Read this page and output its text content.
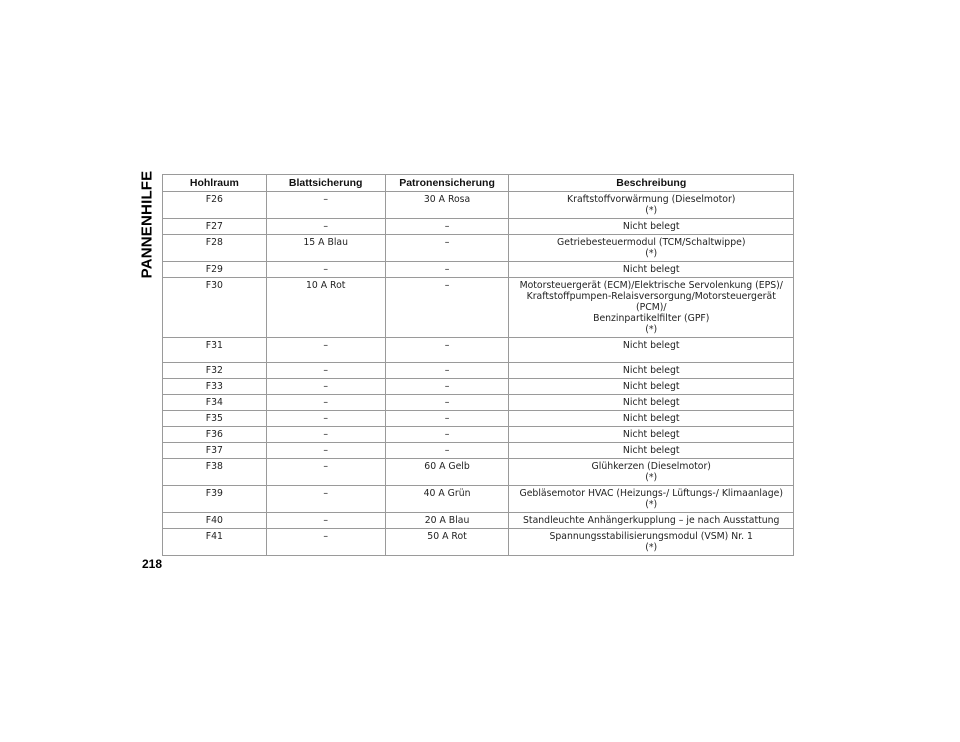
PANNENHILFE	Hohlraum	Blattsicherung	Patronensicherung	Beschreibung
F26	–	30 A Rosa	Kraftstoffvorwärmung (Dieselmotor)
(*)

F27	–	–	Nicht belegt

F28	15 A Blau	–	Getriebesteuermodul (TCM/Schaltwippe)
(*)

F29	–	–	Nicht belegt

F30	10 A Rot	–	Motorsteuergerät (ECM)/Elektrische Servolenkung (EPS)/
Kraftstoffpumpen-Relaisversorgung/Motorsteuergerät (PCM)/
Benzinpartikelfilter (GPF)
(*)

F31	–	–	Nicht belegt

F32	–	–	Nicht belegt

F33	–	–	Nicht belegt

F34	–	–	Nicht belegt

F35	–	–	Nicht belegt

F36	–	–	Nicht belegt

F37	–	–	Nicht belegt

F38	–	60 A Gelb	Glühkerzen (Dieselmotor)
(*)

F39	–	40 A Grün	Gebläsemotor HVAC (Heizungs-/ Lüftungs-/ Klimaanlage)
(*)

F40	–	20 A Blau	Standleuchte Anhängerkupplung – je nach Ausstattung

F41	–	50 A Rot	Spannungsstabilisierungsmodul (VSM) Nr. 1
(*)
218
